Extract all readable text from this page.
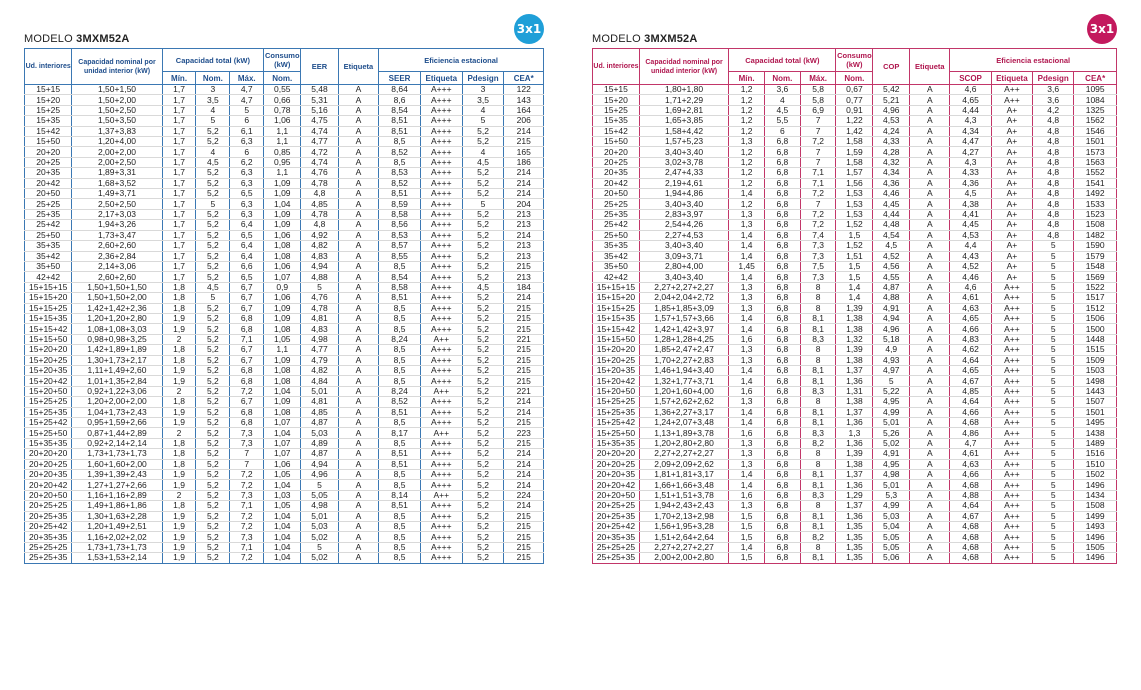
3x1
MODELO 3MXM52A
Ud. interiores	Capacidad nominal por unidad interior (kW)	Capacidad total (kW)			Consumo (kW)	EER	Etiqueta	Eficiencia estacional			
		Mín.	Nom.	Máx.	Nom.			SEER	Etiqueta	Pdesign	CEA*
15+15	1,50+1,50	1,7	3	4,7	0,55	5,48	A	8,64	A+++	3	122
15+20	1,50+2,00	1,7	3,5	4,7	0,66	5,31	A	8,6	A+++	3,5	143
15+25	1,50+2,50	1,7	4	5	0,78	5,16	A	8,54	A+++	4	164
15+35	1,50+3,50	1,7	5	6	1,06	4,75	A	8,51	A+++	5	206
15+42	1,37+3,83	1,7	5,2	6,1	1,1	4,74	A	8,51	A+++	5,2	214
15+50	1,20+4,00	1,7	5,2	6,3	1,1	4,77	A	8,5	A+++	5,2	215
20+20	2,00+2,00	1,7	4	6	0,85	4,72	A	8,52	A+++	4	165
20+25	2,00+2,50	1,7	4,5	6,2	0,95	4,74	A	8,5	A+++	4,5	186
20+35	1,89+3,31	1,7	5,2	6,3	1,1	4,76	A	8,53	A+++	5,2	214
20+42	1,68+3,52	1,7	5,2	6,3	1,09	4,78	A	8,52	A+++	5,2	214
20+50	1,49+3,71	1,7	5,2	6,5	1,09	4,8	A	8,51	A+++	5,2	214
25+25	2,50+2,50	1,7	5	6,3	1,04	4,85	A	8,59	A+++	5	204
25+35	2,17+3,03	1,7	5,2	6,3	1,09	4,78	A	8,58	A+++	5,2	213
25+42	1,94+3,26	1,7	5,2	6,4	1,09	4,8	A	8,56	A+++	5,2	213
25+50	1,73+3,47	1,7	5,2	6,5	1,06	4,92	A	8,53	A+++	5,2	214
35+35	2,60+2,60	1,7	5,2	6,4	1,08	4,82	A	8,57	A+++	5,2	213
35+42	2,36+2,84	1,7	5,2	6,4	1,08	4,83	A	8,55	A+++	5,2	213
35+50	2,14+3,06	1,7	5,2	6,6	1,06	4,94	A	8,5	A+++	5,2	215
42+42	2,60+2,60	1,7	5,2	6,5	1,07	4,88	A	8,54	A+++	5,2	213
15+15+15	1,50+1,50+1,50	1,8	4,5	6,7	0,9	5	A	8,58	A+++	4,5	184
15+15+20	1,50+1,50+2,00	1,8	5	6,7	1,06	4,76	A	8,51	A+++	5,2	214
15+15+25	1,42+1,42+2,36	1,8	5,2	6,7	1,09	4,78	A	8,5	A+++	5,2	215
15+15+35	1,20+1,20+2,80	1,9	5,2	6,8	1,09	4,81	A	8,5	A+++	5,2	215
15+15+42	1,08+1,08+3,03	1,9	5,2	6,8	1,08	4,83	A	8,5	A+++	5,2	215
15+15+50	0,98+0,98+3,25	2	5,2	7,1	1,05	4,98	A	8,24	A++	5,2	221
15+20+20	1,42+1,89+1,89	1,8	5,2	6,7	1,1	4,77	A	8,5	A+++	5,2	215
15+20+25	1,30+1,73+2,17	1,8	5,2	6,7	1,09	4,79	A	8,5	A+++	5,2	215
15+20+35	1,11+1,49+2,60	1,9	5,2	6,8	1,08	4,82	A	8,5	A+++	5,2	215
15+20+42	1,01+1,35+2,84	1,9	5,2	6,8	1,08	4,84	A	8,5	A+++	5,2	215
15+20+50	0,92+1,22+3,06	2	5,2	7,2	1,04	5,01	A	8,24	A++	5,2	221
15+25+25	1,20+2,00+2,00	1,8	5,2	6,7	1,09	4,81	A	8,52	A+++	5,2	214
15+25+35	1,04+1,73+2,43	1,9	5,2	6,8	1,08	4,85	A	8,51	A+++	5,2	214
15+25+42	0,95+1,59+2,66	1,9	5,2	6,8	1,07	4,87	A	8,5	A+++	5,2	215
15+25+50	0,87+1,44+2,89	2	5,2	7,3	1,04	5,03	A	8,17	A++	5,2	223
15+35+35	0,92+2,14+2,14	1,8	5,2	7,3	1,07	4,89	A	8,5	A+++	5,2	215
20+20+20	1,73+1,73+1,73	1,8	5,2	7	1,07	4,87	A	8,51	A+++	5,2	214
20+20+25	1,60+1,60+2,00	1,8	5,2	7	1,06	4,94	A	8,51	A+++	5,2	214
20+20+35	1,39+1,39+2,43	1,9	5,2	7,2	1,05	4,96	A	8,5	A+++	5,2	214
20+20+42	1,27+1,27+2,66	1,9	5,2	7,2	1,04	5	A	8,5	A+++	5,2	214
20+20+50	1,16+1,16+2,89	2	5,2	7,3	1,03	5,05	A	8,14	A++	5,2	224
20+25+25	1,49+1,86+1,86	1,8	5,2	7,1	1,05	4,98	A	8,51	A+++	5,2	214
20+25+35	1,30+1,63+2,28	1,9	5,2	7,2	1,04	5,01	A	8,5	A+++	5,2	215
20+25+42	1,20+1,49+2,51	1,9	5,2	7,2	1,04	5,03	A	8,5	A+++	5,2	215
20+35+35	1,16+2,02+2,02	1,9	5,2	7,3	1,04	5,02	A	8,5	A+++	5,2	215
25+25+25	1,73+1,73+1,73	1,9	5,2	7,1	1,04	5	A	8,5	A+++	5,2	215
25+25+35	1,53+1,53+2,14	1,9	5,2	7,2	1,04	5,02	A	8,5	A+++	5,2	215
3x1
MODELO 3MXM52A
Ud. interiores	Capacidad nominal por unidad interior (kW)	Capacidad total (kW)			Consumo (kW)	COP	Etiqueta	Eficiencia estacional			
		Mín.	Nom.	Máx.	Nom.			SCOP	Etiqueta	Pdesign	CEA*
15+15	1,80+1,80	1,2	3,6	5,8	0,67	5,42	A	4,6	A++	3,6	1095
15+20	1,71+2,29	1,2	4	5,8	0,77	5,21	A	4,65	A++	3,6	1084
15+25	1,69+2,81	1,2	4,5	6,9	0,91	4,96	A	4,44	A+	4,2	1325
15+35	1,65+3,85	1,2	5,5	7	1,22	4,53	A	4,3	A+	4,8	1562
15+42	1,58+4,42	1,2	6	7	1,42	4,24	A	4,34	A+	4,8	1546
15+50	1,57+5,23	1,3	6,8	7,2	1,58	4,33	A	4,47	A+	4,8	1501
20+20	3,40+3,40	1,2	6,8	7	1,59	4,28	A	4,27	A+	4,8	1573
20+25	3,02+3,78	1,2	6,8	7	1,58	4,32	A	4,3	A+	4,8	1563
20+35	2,47+4,33	1,2	6,8	7,1	1,57	4,34	A	4,33	A+	4,8	1552
20+42	2,19+4,61	1,2	6,8	7,1	1,56	4,36	A	4,36	A+	4,8	1541
20+50	1,94+4,86	1,4	6,8	7,2	1,53	4,46	A	4,5	A+	4,8	1492
25+25	3,40+3,40	1,2	6,8	7	1,53	4,45	A	4,38	A+	4,8	1533
25+35	2,83+3,97	1,3	6,8	7,2	1,53	4,44	A	4,41	A+	4,8	1523
25+42	2,54+4,26	1,3	6,8	7,2	1,52	4,48	A	4,45	A+	4,8	1508
25+50	2,27+4,53	1,4	6,8	7,4	1,5	4,54	A	4,53	A+	4,8	1482
35+35	3,40+3,40	1,4	6,8	7,3	1,52	4,5	A	4,4	A+	5	1590
35+42	3,09+3,71	1,4	6,8	7,3	1,51	4,52	A	4,43	A+	5	1579
35+50	2,80+4,00	1,45	6,8	7,5	1,5	4,56	A	4,52	A+	5	1548
42+42	3,40+3,40	1,4	6,8	7,3	1,5	4,55	A	4,46	A+	5	1569
15+15+15	2,27+2,27+2,27	1,3	6,8	8	1,4	4,87	A	4,6	A++	5	1522
15+15+20	2,04+2,04+2,72	1,3	6,8	8	1,4	4,88	A	4,61	A++	5	1517
15+15+25	1,85+1,85+3,09	1,3	6,8	8	1,39	4,91	A	4,63	A++	5	1512
15+15+35	1,57+1,57+3,66	1,4	6,8	8,1	1,38	4,94	A	4,65	A++	5	1506
15+15+42	1,42+1,42+3,97	1,4	6,8	8,1	1,38	4,96	A	4,66	A++	5	1500
15+15+50	1,28+1,28+4,25	1,6	6,8	8,3	1,32	5,18	A	4,83	A++	5	1448
15+20+20	1,85+2,47+2,47	1,3	6,8	8	1,39	4,9	A	4,62	A++	5	1515
15+20+25	1,70+2,27+2,83	1,3	6,8	8	1,38	4,93	A	4,64	A++	5	1509
15+20+35	1,46+1,94+3,40	1,4	6,8	8,1	1,37	4,97	A	4,65	A++	5	1503
15+20+42	1,32+1,77+3,71	1,4	6,8	8,1	1,36	5	A	4,67	A++	5	1498
15+20+50	1,20+1,60+4,00	1,6	6,8	8,3	1,31	5,22	A	4,85	A++	5	1443
15+25+25	1,57+2,62+2,62	1,3	6,8	8	1,38	4,95	A	4,64	A++	5	1507
15+25+35	1,36+2,27+3,17	1,4	6,8	8,1	1,37	4,99	A	4,66	A++	5	1501
15+25+42	1,24+2,07+3,48	1,4	6,8	8,1	1,36	5,01	A	4,68	A++	5	1495
15+25+50	1,13+1,89+3,78	1,6	6,8	8,3	1,3	5,26	A	4,86	A++	5	1438
15+35+35	1,20+2,80+2,80	1,3	6,8	8,2	1,36	5,02	A	4,7	A++	5	1489
20+20+20	2,27+2,27+2,27	1,3	6,8	8	1,39	4,91	A	4,61	A++	5	1516
20+20+25	2,09+2,09+2,62	1,3	6,8	8	1,38	4,95	A	4,63	A++	5	1510
20+20+35	1,81+1,81+3,17	1,4	6,8	8,1	1,37	4,98	A	4,66	A++	5	1502
20+20+42	1,66+1,66+3,48	1,4	6,8	8,1	1,36	5,01	A	4,68	A++	5	1496
20+20+50	1,51+1,51+3,78	1,6	6,8	8,3	1,29	5,3	A	4,88	A++	5	1434
20+25+25	1,94+2,43+2,43	1,3	6,8	8	1,37	4,99	A	4,64	A++	5	1508
20+25+35	1,70+2,13+2,98	1,5	6,8	8,1	1,36	5,03	A	4,67	A++	5	1499
20+25+42	1,56+1,95+3,28	1,5	6,8	8,1	1,35	5,04	A	4,68	A++	5	1493
20+35+35	1,51+2,64+2,64	1,5	6,8	8,2	1,35	5,05	A	4,68	A++	5	1496
25+25+25	2,27+2,27+2,27	1,4	6,8	8	1,35	5,05	A	4,68	A++	5	1505
25+25+35	2,00+2,00+2,80	1,5	6,8	8,1	1,35	5,06	A	4,68	A++	5	1496
